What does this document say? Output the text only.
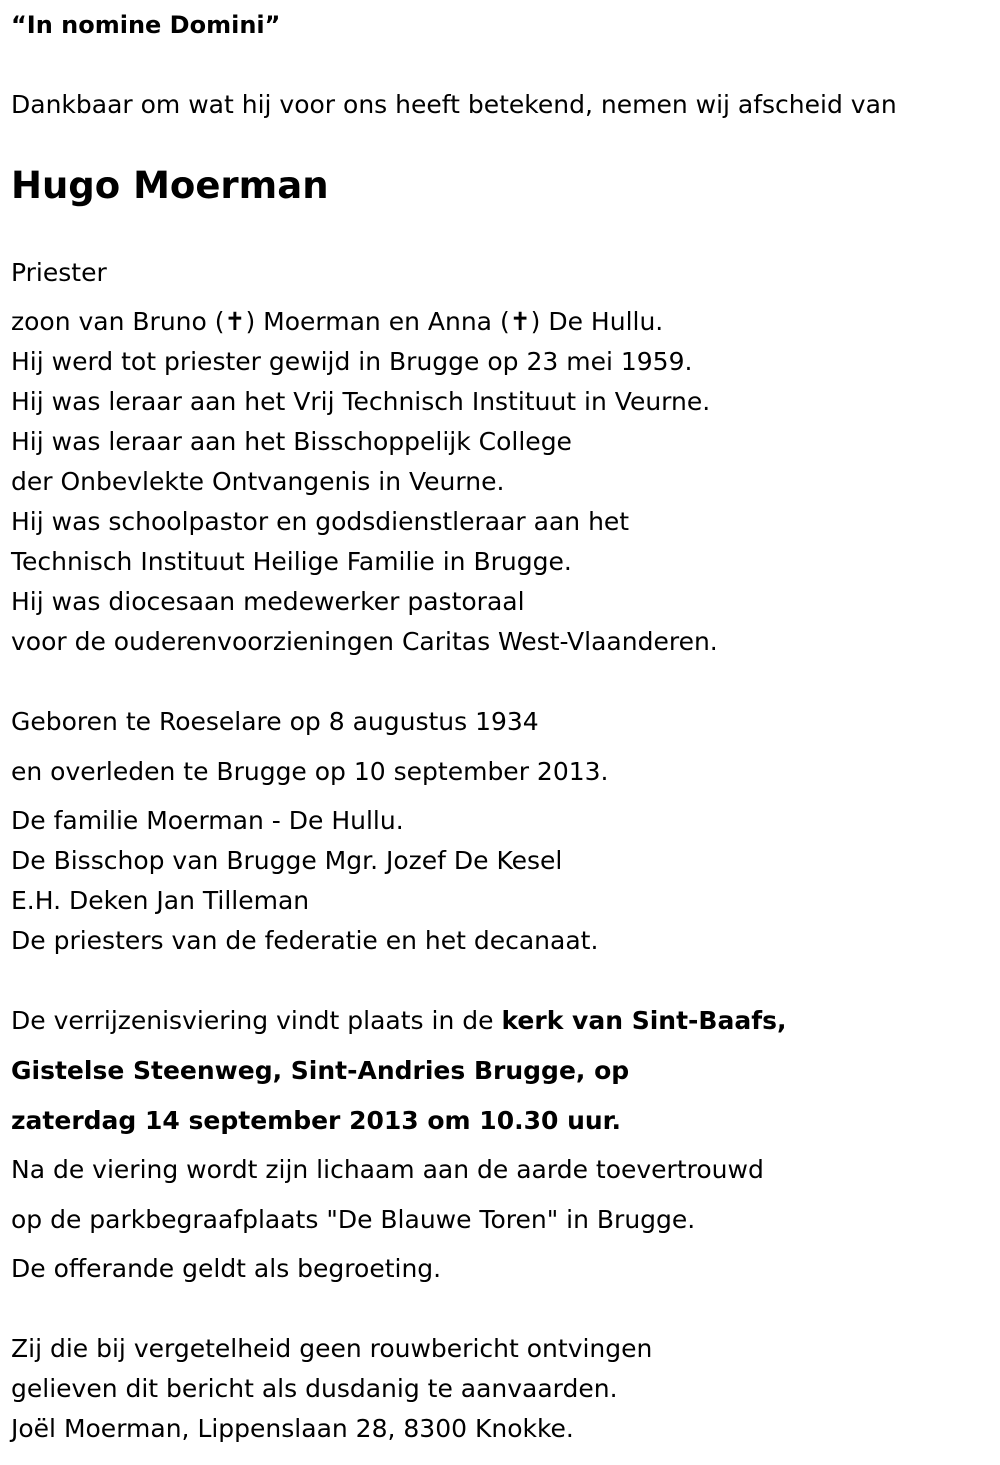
“In nomine Domini”

Dankbaar om wat hij voor ons heeft betekend, nemen wij afscheid van

Hugo Moerman

Priester

zoon van Bruno (✝) Moerman en Anna (✝) De Hullu.

Hij werd tot priester gewijd in Brugge op 23 mei 1959.

Hij was leraar aan het Vrij Technisch Instituut in Veurne.

Hij was leraar aan het Bisschoppelijk College

der Onbevlekte Ontvangenis in Veurne.

Hij was schoolpastor en godsdienstleraar aan het

Technisch Instituut Heilige Familie in Brugge.

Hij was diocesaan medewerker pastoraal

voor de ouderenvoorzieningen Caritas West-Vlaanderen.

Geboren te Roeselare op 8 augustus 1934

en overleden te Brugge op 10 september 2013.

De familie Moerman - De Hullu.

De Bisschop van Brugge Mgr. Jozef De Kesel

E.H. Deken Jan Tilleman

De priesters van de federatie en het decanaat.

De verrijzenisviering vindt plaats in de kerk van Sint-Baafs,

Gistelse Steenweg, Sint-Andries Brugge, op

zaterdag 14 september 2013 om 10.30 uur.

Na de viering wordt zijn lichaam aan de aarde toevertrouwd

op de parkbegraafplaats "De Blauwe Toren" in Brugge.

De offerande geldt als begroeting.

Zij die bij vergetelheid geen rouwbericht ontvingen

gelieven dit bericht als dusdanig te aanvaarden.

Joël Moerman, Lippenslaan 28, 8300 Knokke.
